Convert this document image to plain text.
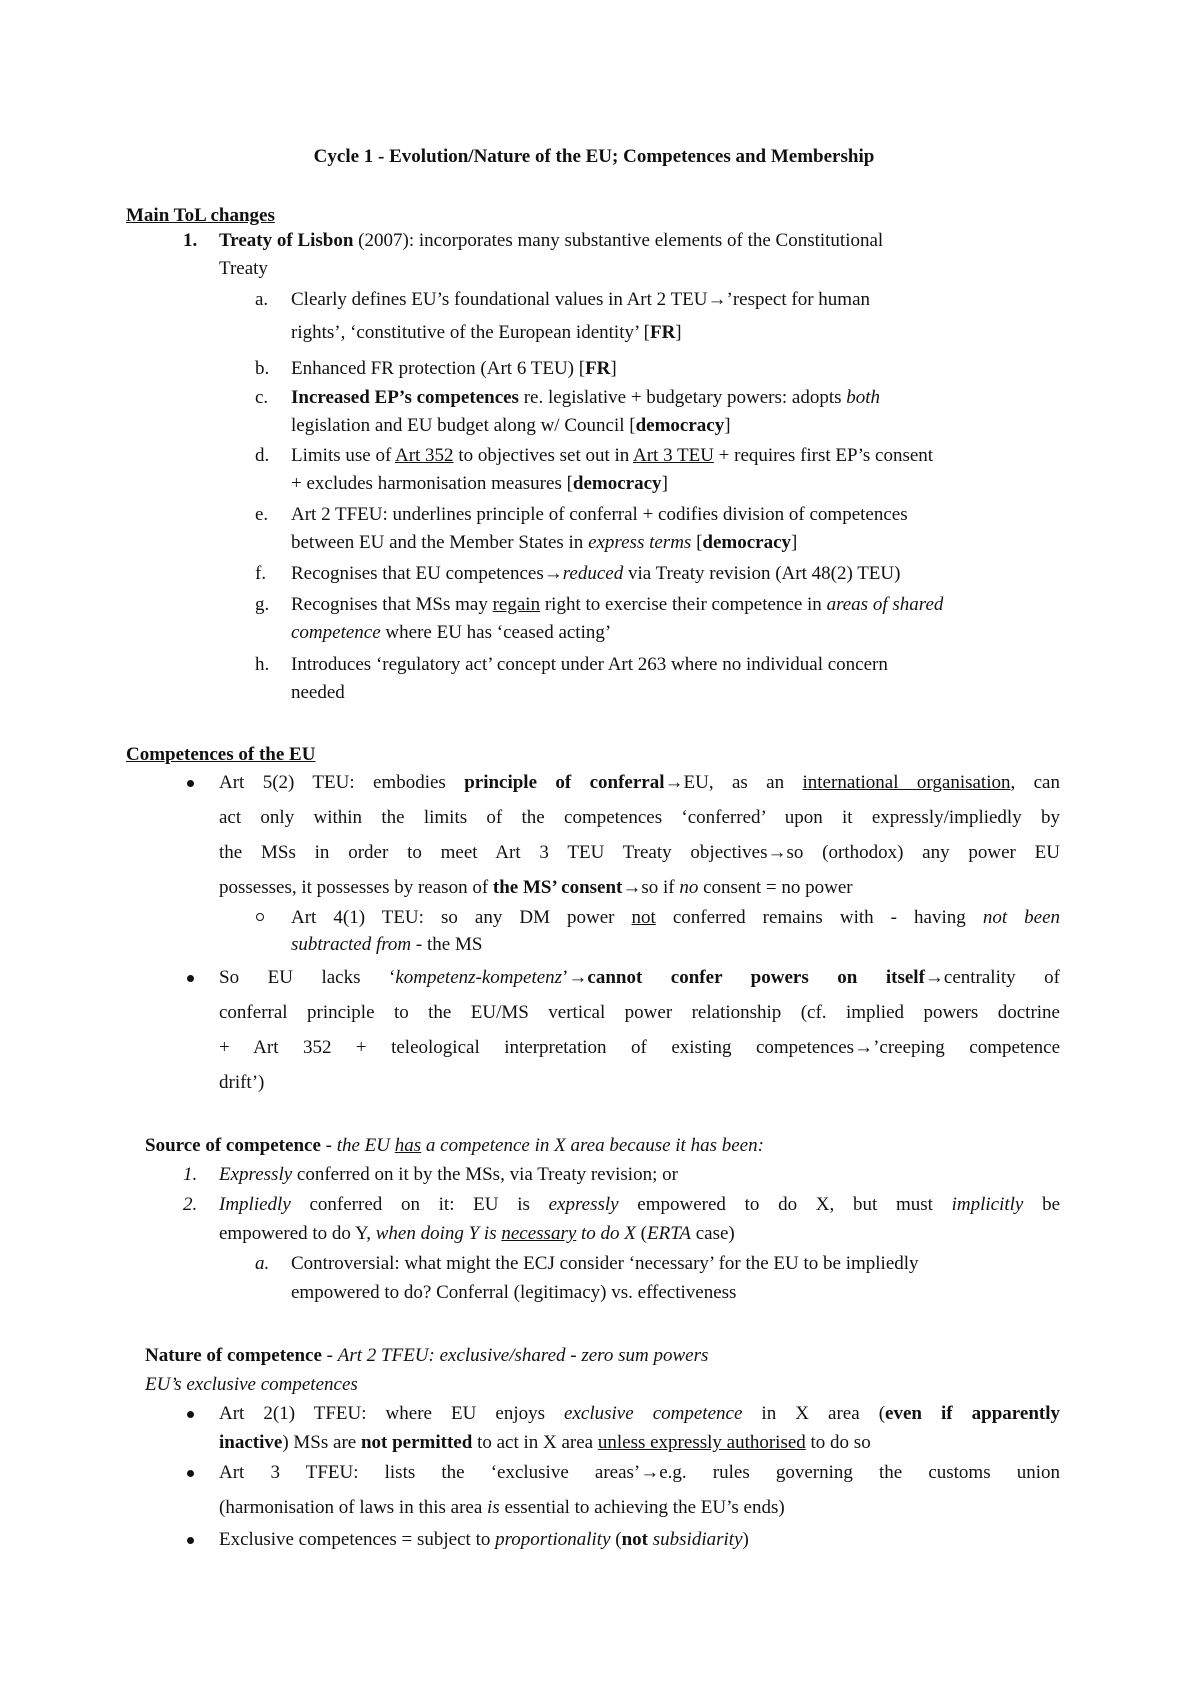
Cycle 1 - Evolution/Nature of the EU; Competences and Membership
Main ToL changes
1. Treaty of Lisbon (2007): incorporates many substantive elements of the Constitutional
Treaty
a. Clearly defines EU’s foundational values in Art 2 TEU→’respect for human
rights’, ‘constitutive of the European identity’ [FR]
b. Enhanced FR protection (Art 6 TEU) [FR]
c. Increased EP’s competences re. legislative + budgetary powers: adopts both
legislation and EU budget along w/ Council [democracy]
d. Limits use of Art 352 to objectives set out in Art 3 TEU + requires first EP’s consent
+ excludes harmonisation measures [democracy]
e. Art 2 TFEU: underlines principle of conferral + codifies division of competences
between EU and the Member States in express terms [democracy]
f. Recognises that EU competences→reduced via Treaty revision (Art 48(2) TEU)
g. Recognises that MSs may regain right to exercise their competence in areas of shared
competence where EU has ‘ceased acting’
h. Introduces ‘regulatory act’ concept under Art 263 where no individual concern
needed
Competences of the EU
Art 5(2) TEU: embodies principle of conferral→EU, as an international organisation, can
act only within the limits of the competences ‘conferred’ upon it expressly/impliedly by
the MSs in order to meet Art 3 TEU Treaty objectives→so (orthodox) any power EU
possesses, it possesses by reason of the MS’ consent→so if no consent = no power
Art 4(1) TEU: so any DM power not conferred remains with - having not been
subtracted from - the MS
So EU lacks ‘kompetenz-kompetenz’→cannot confer powers on itself→centrality of
conferral principle to the EU/MS vertical power relationship (cf. implied powers doctrine
+ Art 352 + teleological interpretation of existing competences→’creeping competence
drift’)
Source of competence - the EU has a competence in X area because it has been:
1. Expressly conferred on it by the MSs, via Treaty revision; or
2. Impliedly conferred on it: EU is expressly empowered to do X, but must implicitly be
empowered to do Y, when doing Y is necessary to do X (ERTA case)
a. Controversial: what might the ECJ consider ‘necessary’ for the EU to be impliedly
empowered to do? Conferral (legitimacy) vs. effectiveness
Nature of competence - Art 2 TFEU: exclusive/shared - zero sum powers
EU’s exclusive competences
Art 2(1) TFEU: where EU enjoys exclusive competence in X area (even if apparently
inactive) MSs are not permitted to act in X area unless expressly authorised to do so
Art 3 TFEU: lists the ‘exclusive areas’→e.g. rules governing the customs union
(harmonisation of laws in this area is essential to achieving the EU’s ends)
Exclusive competences = subject to proportionality (not subsidiarity)
